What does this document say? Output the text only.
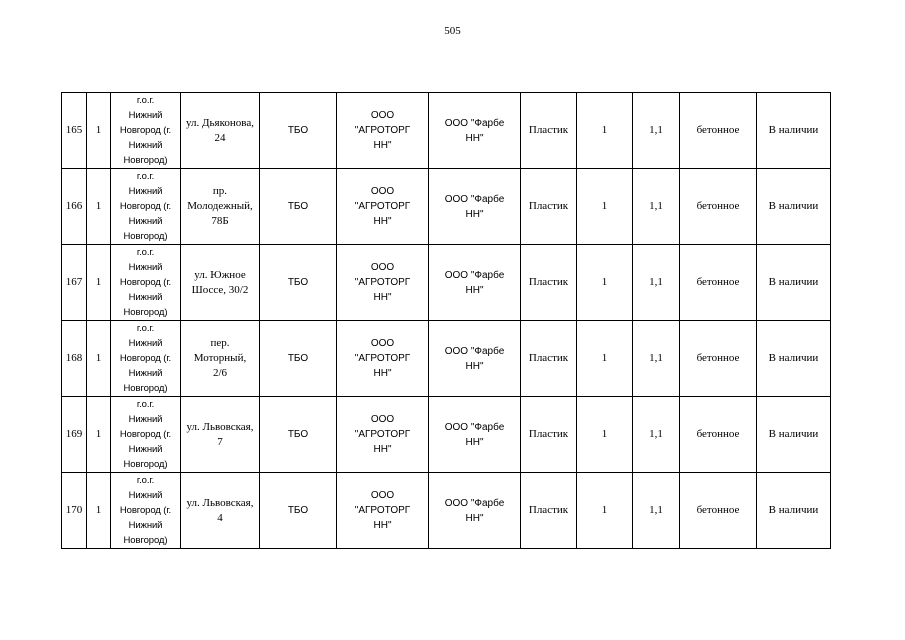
505
165	1	г.о.г.
Нижний
Новгород (г.
Нижний
Новгород)	ул. Дьяконова,
24	ТБО	ООО
"АГРОТОРГ
НН"	ООО "Фарбе
НН"	Пластик	1	1,1	бетонное	В наличии
166	1	г.о.г.
Нижний
Новгород (г.
Нижний
Новгород)	пр.
Молодежный,
78Б	ТБО	ООО
"АГРОТОРГ
НН"	ООО "Фарбе
НН"	Пластик	1	1,1	бетонное	В наличии
167	1	г.о.г.
Нижний
Новгород (г.
Нижний
Новгород)	ул. Южное
Шоссе, 30/2	ТБО	ООО
"АГРОТОРГ
НН"	ООО "Фарбе
НН"	Пластик	1	1,1	бетонное	В наличии
168	1	г.о.г.
Нижний
Новгород (г.
Нижний
Новгород)	пер.
Моторный,
2/6	ТБО	ООО
"АГРОТОРГ
НН"	ООО "Фарбе
НН"	Пластик	1	1,1	бетонное	В наличии
169	1	г.о.г.
Нижний
Новгород (г.
Нижний
Новгород)	ул. Львовская,
7	ТБО	ООО
"АГРОТОРГ
НН"	ООО "Фарбе
НН"	Пластик	1	1,1	бетонное	В наличии
170	1	г.о.г.
Нижний
Новгород (г.
Нижний
Новгород)	ул. Львовская,
4	ТБО	ООО
"АГРОТОРГ
НН"	ООО "Фарбе
НН"	Пластик	1	1,1	бетонное	В наличии
